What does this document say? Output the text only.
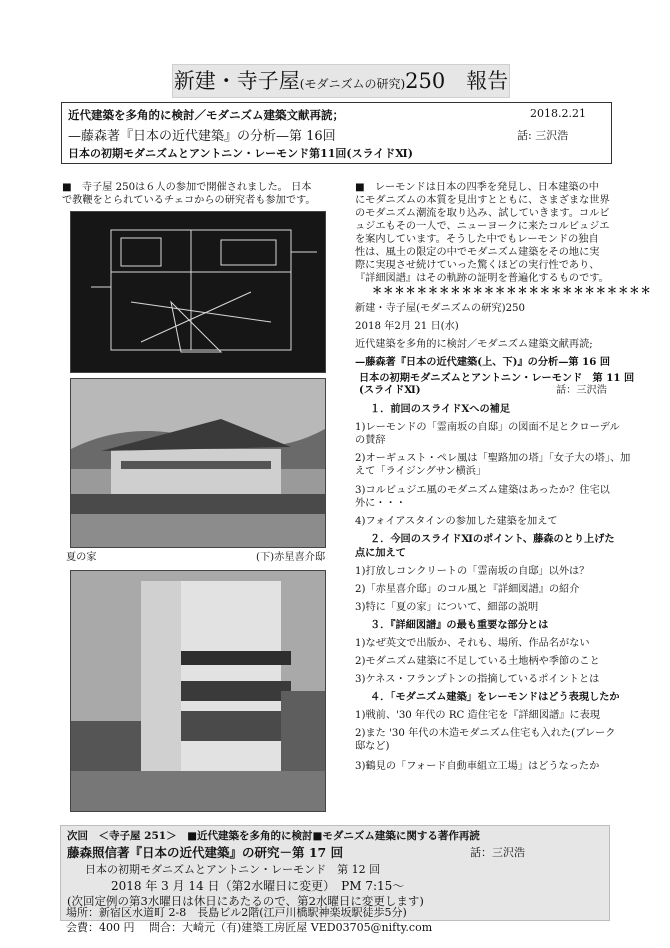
新建・寺子屋(モダニズムの研究)250　報告
近代建築を多角的に検討／モダニズム建築文献再読；	2018.2.21
—藤森著『日本の近代建築』の分析—第 16回	話: 三沢浩
日本の初期モダニズムとアントニン・レーモンド第11回(スライドⅪ)
■　寺子屋 250は６人の参加で開催されました。 日本
で教鞭をとられているチェコからの研究者も参加です。
夏の家	(下)赤星喜介邸
■　レーモンドは日本の四季を発見し、日本建築の中
にモダニズムの本質を見出すとともに、さまざまな世界
のモダニズム潮流を取り込み、試していきます。コルビ
ュジエもその一人で、ニューヨークに来たコルビュジエ
を案内しています。そうした中でもレーモンドの独自
性は、風土の限定の中でモダニズム建築をその地に実
際に実現させ続けていった驚くほどの実行性であり、
『詳細図譜』はその軌跡の証明を普遍化するものです。
＊＊＊＊＊＊＊＊＊＊＊＊＊＊＊＊＊＊＊＊＊＊＊＊＊
新建・寺子屋(モダニズムの研究)250
2018 年2月 21 日(水)
近代建築を多角的に検討／モダニズム建築文献再読;
—藤森著『日本の近代建築(上、下)』の分析—第 16 回
日本の初期モダニズムとアントニン・レーモンド　第 11 回
(スライドⅪ)	話：三沢浩
１．前回のスライドⅩへの補足
1)レーモンドの「霊南坂の自邸」の図面不足とクローデル
の賛辞
2)オーギュスト・ペレ風は「聖路加の塔」「女子大の塔」、加
えて「ライジングサン横浜」
3)コルビュジエ風のモダニズム建築はあったか？住宅以
外に・・・
4)フォイアスタインの参加した建築を加えて
２．今回のスライドⅪのポイント、藤森のとり上げた
点に加えて
1)打放しコンクリートの「霊南坂の自邸」以外は？
2)「赤星喜介邸」のコル風と『詳細図譜』の紹介
3)特に「夏の家」について、細部の説明
３．『詳細図譜』の最も重要な部分とは
1)なぜ英文で出版か、それも、場所、作品名がない
2)モダニズム建築に不足している土地柄や季節のこと
3)ケネス・フランプトンの指摘しているポイントとは
４．「モダニズム建築」をレーモンドはどう表現したか
1)戦前、'30 年代の RC 造住宅を『詳細図譜』に表現
2)また '30 年代の木造モダニズム住宅も入れた(ブレーク
邸など)
3)鶴見の「フォード自動車組立工場」はどうなったか
次回　＜寺子屋 251＞　■近代建築を多角的に検討■モダニズム建築に関する著作再読
藤森照信著『日本の近代建築』の研究－第 17 回	話：三沢浩
日本の初期モダニズムとアントニン・レーモンド　第 12 回
2018 年 3 月 14 日（第2水曜日に変更）　PM 7:15～
(次回定例の第3水曜日は休日にあたるので、第2水曜日に変更します)
場所：新宿区水道町 2-8　長島ビル2階(江戸川橋駅神楽坂駅徒歩5分)
会費：400 円　 問合：大崎元（有)建築工房匠屋 VED03705@nifty.com
